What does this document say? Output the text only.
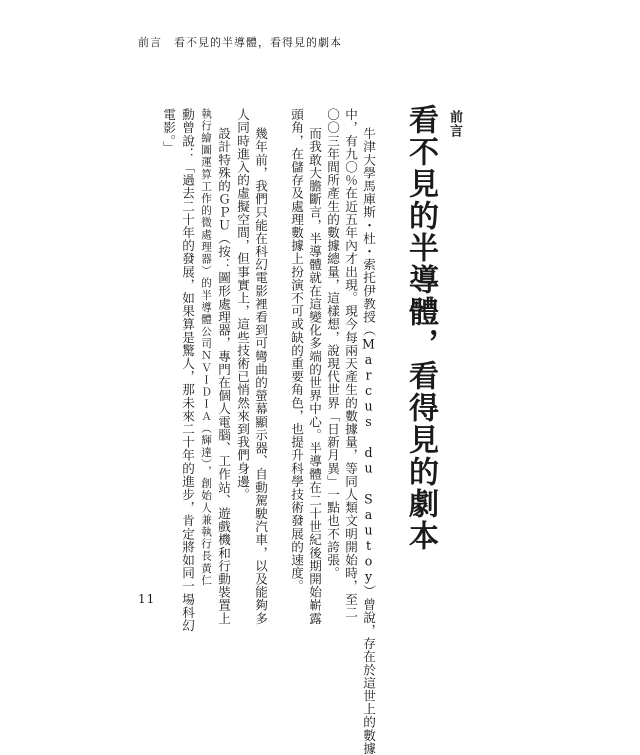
前言 看不見的半導體，看得見的劇本
前言
看不見的半導體，看得見的劇本
牛津大學馬庫斯・杜・索托伊教授（Marcus du Sautoy）曾說，存在於這世上的數據
中，有九〇％在近五年內才出現。現今每兩天產生的數據量，等同人類文明開始時，至二
〇〇三年間所產生的數據總量，這樣想，說現代世界「日新月異」一點也不誇張。
而我敢大膽斷言，半導體就在這變化多端的世界中心。半導體在二十世紀後期開始嶄露
頭角，在儲存及處理數據上扮演不可或缺的重要角色，也提升科學技術發展的速度。
幾年前，我們只能在科幻電影裡看到可彎曲的螢幕顯示器、自動駕駛汽車，以及能夠多
人同時進入的虛擬空間，但事實上，這些技術已悄然來到我們身邊。
設計特殊的ＧＰＵ（按：圖形處理器，專門在個人電腦、工作站、遊戲機和行動裝置上
執行繪圖運算工作的微處理器）的半導體公司ＮＶＩＤＩＡ（輝達），創始人兼執行長黃仁
勳曾說：「過去二十年的發展，如果算是驚人，那未來二十年的進步，肯定將如同一場科幻
電影。」
11
